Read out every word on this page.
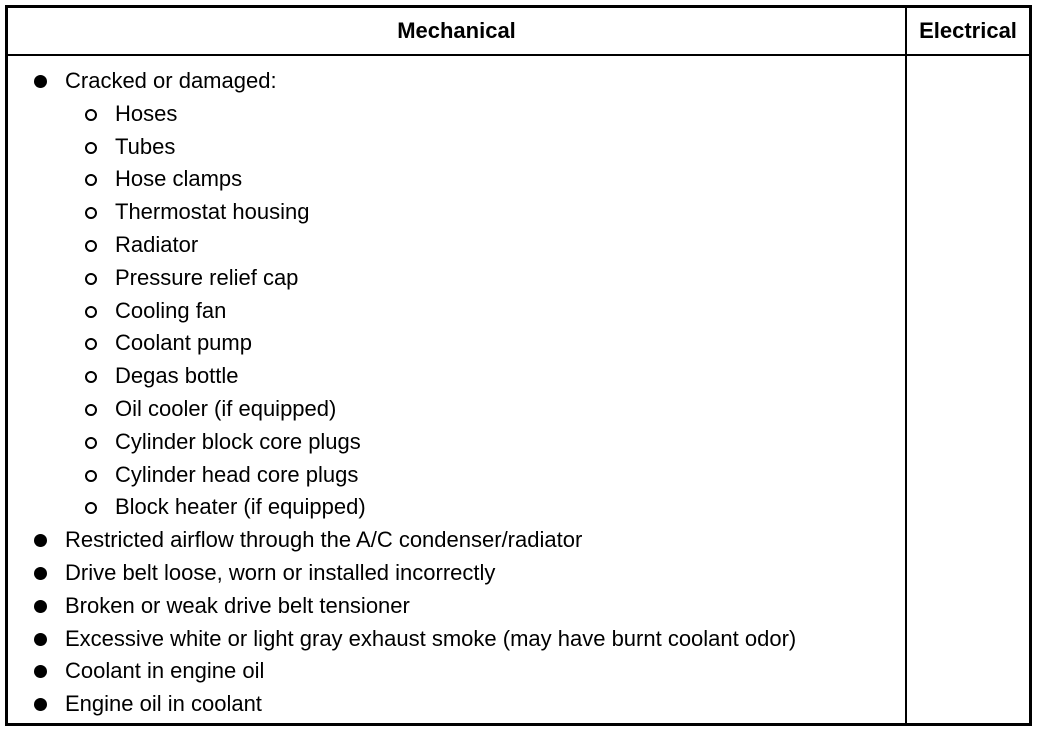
Mechanical	Electrical
Cracked or damaged:
Hoses
Tubes
Hose clamps
Thermostat housing
Radiator
Pressure relief cap
Cooling fan
Coolant pump
Degas bottle
Oil cooler (if equipped)
Cylinder block core plugs
Cylinder head core plugs
Block heater (if equipped)
Restricted airflow through the A/C condenser/radiator
Drive belt loose, worn or installed incorrectly
Broken or weak drive belt tensioner
Excessive white or light gray exhaust smoke (may have burnt coolant odor)
Coolant in engine oil
Engine oil in coolant
